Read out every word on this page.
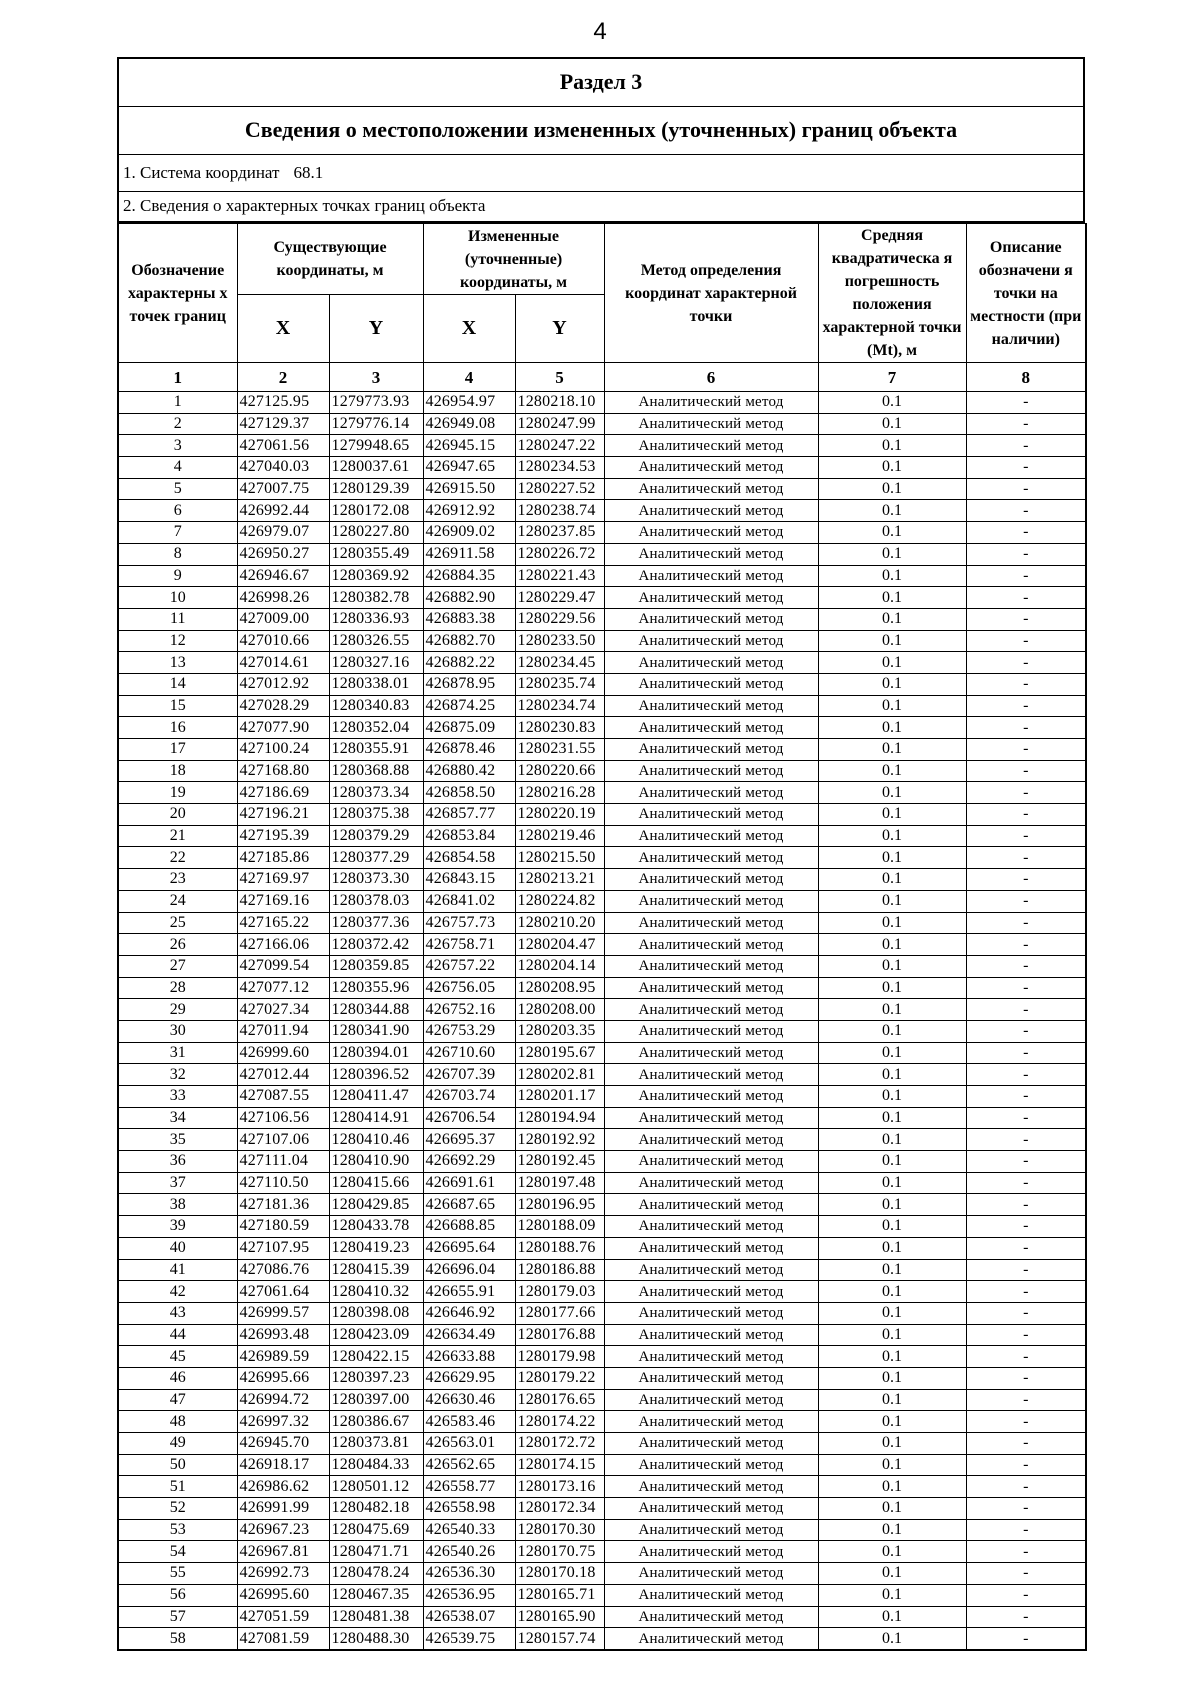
4
Раздел 3
Сведения о местоположении измененных (уточненных) границ объекта
1. Система координат 68.1
2. Сведения о характерных точках границ объекта
Обозначение характерны х точек границ	Существующие координаты, м		Измененные (уточненные) координаты, м		Метод определения координат характерной точки	Средняя квадратическа я погрешность положения характерной точки (Mt), м	Описание обозначени я точки на местности (при наличии)
	X	Y	X	Y			
1	2	3	4	5	6	7	8
1	427125.95	1279773.93	426954.97	1280218.10	Аналитический метод	0.1	-
2	427129.37	1279776.14	426949.08	1280247.99	Аналитический метод	0.1	-
3	427061.56	1279948.65	426945.15	1280247.22	Аналитический метод	0.1	-
4	427040.03	1280037.61	426947.65	1280234.53	Аналитический метод	0.1	-
5	427007.75	1280129.39	426915.50	1280227.52	Аналитический метод	0.1	-
6	426992.44	1280172.08	426912.92	1280238.74	Аналитический метод	0.1	-
7	426979.07	1280227.80	426909.02	1280237.85	Аналитический метод	0.1	-
8	426950.27	1280355.49	426911.58	1280226.72	Аналитический метод	0.1	-
9	426946.67	1280369.92	426884.35	1280221.43	Аналитический метод	0.1	-
10	426998.26	1280382.78	426882.90	1280229.47	Аналитический метод	0.1	-
11	427009.00	1280336.93	426883.38	1280229.56	Аналитический метод	0.1	-
12	427010.66	1280326.55	426882.70	1280233.50	Аналитический метод	0.1	-
13	427014.61	1280327.16	426882.22	1280234.45	Аналитический метод	0.1	-
14	427012.92	1280338.01	426878.95	1280235.74	Аналитический метод	0.1	-
15	427028.29	1280340.83	426874.25	1280234.74	Аналитический метод	0.1	-
16	427077.90	1280352.04	426875.09	1280230.83	Аналитический метод	0.1	-
17	427100.24	1280355.91	426878.46	1280231.55	Аналитический метод	0.1	-
18	427168.80	1280368.88	426880.42	1280220.66	Аналитический метод	0.1	-
19	427186.69	1280373.34	426858.50	1280216.28	Аналитический метод	0.1	-
20	427196.21	1280375.38	426857.77	1280220.19	Аналитический метод	0.1	-
21	427195.39	1280379.29	426853.84	1280219.46	Аналитический метод	0.1	-
22	427185.86	1280377.29	426854.58	1280215.50	Аналитический метод	0.1	-
23	427169.97	1280373.30	426843.15	1280213.21	Аналитический метод	0.1	-
24	427169.16	1280378.03	426841.02	1280224.82	Аналитический метод	0.1	-
25	427165.22	1280377.36	426757.73	1280210.20	Аналитический метод	0.1	-
26	427166.06	1280372.42	426758.71	1280204.47	Аналитический метод	0.1	-
27	427099.54	1280359.85	426757.22	1280204.14	Аналитический метод	0.1	-
28	427077.12	1280355.96	426756.05	1280208.95	Аналитический метод	0.1	-
29	427027.34	1280344.88	426752.16	1280208.00	Аналитический метод	0.1	-
30	427011.94	1280341.90	426753.29	1280203.35	Аналитический метод	0.1	-
31	426999.60	1280394.01	426710.60	1280195.67	Аналитический метод	0.1	-
32	427012.44	1280396.52	426707.39	1280202.81	Аналитический метод	0.1	-
33	427087.55	1280411.47	426703.74	1280201.17	Аналитический метод	0.1	-
34	427106.56	1280414.91	426706.54	1280194.94	Аналитический метод	0.1	-
35	427107.06	1280410.46	426695.37	1280192.92	Аналитический метод	0.1	-
36	427111.04	1280410.90	426692.29	1280192.45	Аналитический метод	0.1	-
37	427110.50	1280415.66	426691.61	1280197.48	Аналитический метод	0.1	-
38	427181.36	1280429.85	426687.65	1280196.95	Аналитический метод	0.1	-
39	427180.59	1280433.78	426688.85	1280188.09	Аналитический метод	0.1	-
40	427107.95	1280419.23	426695.64	1280188.76	Аналитический метод	0.1	-
41	427086.76	1280415.39	426696.04	1280186.88	Аналитический метод	0.1	-
42	427061.64	1280410.32	426655.91	1280179.03	Аналитический метод	0.1	-
43	426999.57	1280398.08	426646.92	1280177.66	Аналитический метод	0.1	-
44	426993.48	1280423.09	426634.49	1280176.88	Аналитический метод	0.1	-
45	426989.59	1280422.15	426633.88	1280179.98	Аналитический метод	0.1	-
46	426995.66	1280397.23	426629.95	1280179.22	Аналитический метод	0.1	-
47	426994.72	1280397.00	426630.46	1280176.65	Аналитический метод	0.1	-
48	426997.32	1280386.67	426583.46	1280174.22	Аналитический метод	0.1	-
49	426945.70	1280373.81	426563.01	1280172.72	Аналитический метод	0.1	-
50	426918.17	1280484.33	426562.65	1280174.15	Аналитический метод	0.1	-
51	426986.62	1280501.12	426558.77	1280173.16	Аналитический метод	0.1	-
52	426991.99	1280482.18	426558.98	1280172.34	Аналитический метод	0.1	-
53	426967.23	1280475.69	426540.33	1280170.30	Аналитический метод	0.1	-
54	426967.81	1280471.71	426540.26	1280170.75	Аналитический метод	0.1	-
55	426992.73	1280478.24	426536.30	1280170.18	Аналитический метод	0.1	-
56	426995.60	1280467.35	426536.95	1280165.71	Аналитический метод	0.1	-
57	427051.59	1280481.38	426538.07	1280165.90	Аналитический метод	0.1	-
58	427081.59	1280488.30	426539.75	1280157.74	Аналитический метод	0.1	-
